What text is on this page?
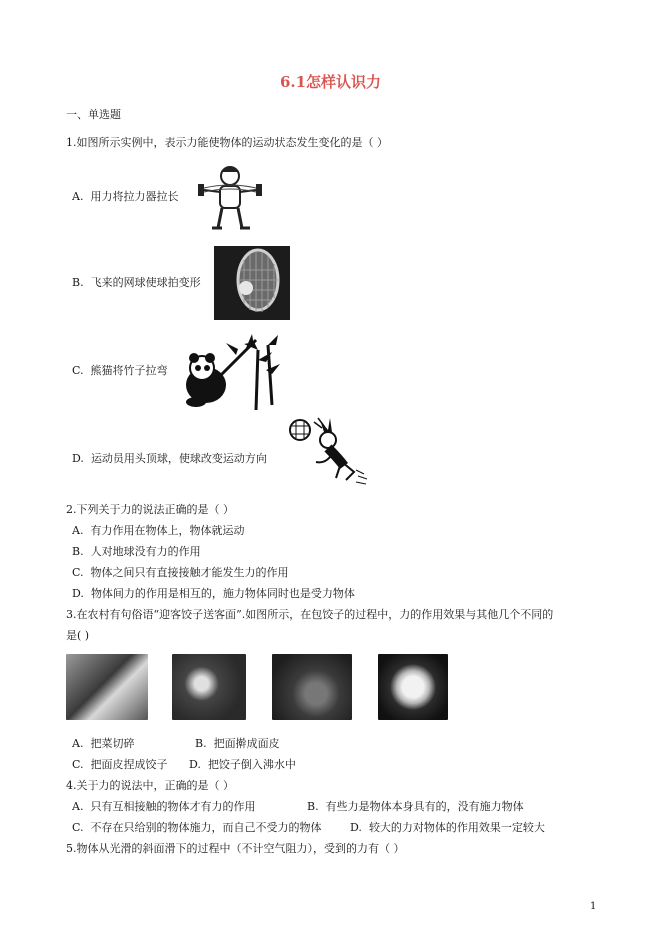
6.1怎样认识力
一、单选题
1.如图所示实例中，表示力能使物体的运动状态发生变化的是（ ）
A. 用力将拉力器拉长
B. 飞来的网球使球拍变形
C. 熊猫将竹子拉弯
D. 运动员用头顶球，使球改变运动方向
2.下列关于力的说法正确的是（ ）
A. 有力作用在物体上，物体就运动
B. 人对地球没有力的作用
C. 物体之间只有直接接触才能发生力的作用
D. 物体间力的作用是相互的，施力物体同时也是受力物体
3.在农村有句俗语“迎客饺子送客面”.如图所示，在包饺子的过程中，力的作用效果与其他几个不同的
是( )
A. 把菜切碎	B. 把面擀成面皮
C. 把面皮捏成饺子 D. 把饺子倒入沸水中
4.关于力的说法中，正确的是（ ）
A. 只有互相接触的物体才有力的作用	B. 有些力是物体本身具有的，没有施力物体
C. 不存在只给别的物体施力，而自己不受力的物体	D. 较大的力对物体的作用效果一定较大
5.物体从光滑的斜面滑下的过程中（不计空气阻力），受到的力有（ ）
1
